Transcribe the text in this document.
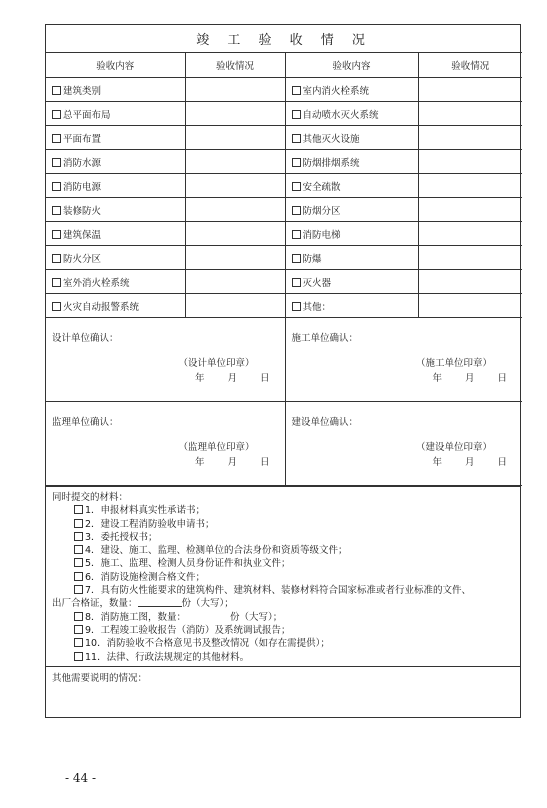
竣 工 验 收 情 况			
验收内容	验收情况	验收内容	验收情况
建筑类别		室内消火栓系统	
总平面布局		自动喷水灭火系统	
平面布置		其他灭火设施	
消防水源		防烟排烟系统	
消防电源		安全疏散	
装修防火		防烟分区	
建筑保温		消防电梯	
防火分区		防爆	
室外消火栓系统		灭火器	
火灾自动报警系统		其他：	

设计单位确认：
（设计单位印章）
年 月 日		施工单位确认：
（施工单位印章）
年 月 日	

监理单位确认：
（监理单位印章）
年 月 日		建设单位确认：
（建设单位印章）
年 月 日	
同时提交的材料：
1．申报材料真实性承诺书；
2．建设工程消防验收申请书；
3．委托授权书；
4．建设、施工、监理、检测单位的合法身份和资质等级文件；
5．施工、监理、检测人员身份证件和执业文件；
6．消防设施检测合格文件；
7．具有防火性能要求的建筑构件、建筑材料、装修材料符合国家标准或者行业标准的文件、
出厂合格证，数量：	份（大写）；
8．消防施工图，数量：	份（大写）；
9．工程竣工验收报告（消防）及系统调试报告；
10．消防验收不合格意见书及整改情况（如存在需提供）；
11．法律、行政法规规定的其他材料。
其他需要说明的情况：
- 44 -
